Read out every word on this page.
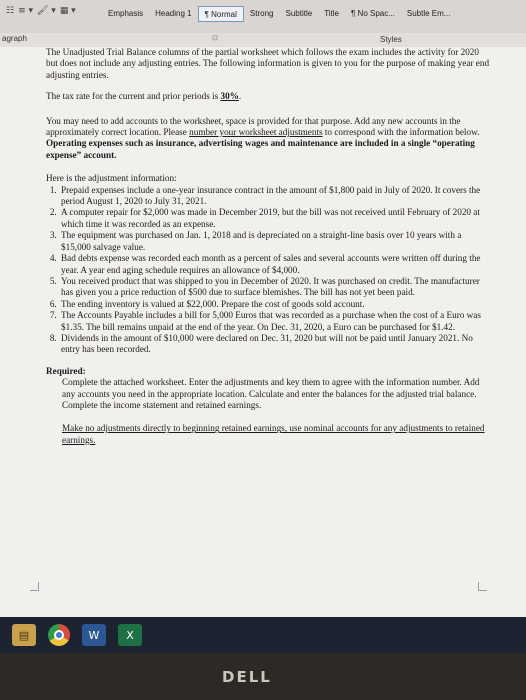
☷ ≡ ▾ 🖌 ▾ ▦ ▾	Emphasis	Heading 1	¶ Normal	Strong	Subtitle	Title	¶ No Spac...	Subtle Em...
agraph	⊡	Styles

The Unadjusted Trial Balance columns of the partial worksheet which follows the exam includes the activity for 2020 but does not include any adjusting entries. The following information is given to you for the purpose of making year end adjusting entries.

The tax rate for the current and prior periods is 30%.

You may need to add accounts to the worksheet, space is provided for that purpose. Add any new accounts in the approximately correct location. Please number your worksheet adjustments to correspond with the information below. Operating expenses such as insurance, advertising wages and maintenance are included in a single “operating expense” account.

Here is the adjustment information:

1. Prepaid expenses include a one-year insurance contract in the amount of $1,800 paid in July of 2020. It covers the period August 1, 2020 to July 31, 2021.
2. A computer repair for $2,000 was made in December 2019, but the bill was not received until February of 2020 at which time it was recorded as an expense.
3. The equipment was purchased on Jan. 1, 2018 and is depreciated on a straight-line basis over 10 years with a $15,000 salvage value.
4. Bad debts expense was recorded each month as a percent of sales and several accounts were written off during the year. A year end aging schedule requires an allowance of $4,000.
5. You received product that was shipped to you in December of 2020. It was purchased on credit. The manufacturer has given you a price reduction of $500 due to surface blemishes. The bill has not yet been paid.
6. The ending inventory is valued at $22,000. Prepare the cost of goods sold account.
7. The Accounts Payable includes a bill for 5,000 Euros that was recorded as a purchase when the cost of a Euro was $1.35. The bill remains unpaid at the end of the year. On Dec. 31, 2020, a Euro can be purchased for $1.42.
8. Dividends in the amount of $10,000 were declared on Dec. 31, 2020 but will not be paid until January 2021. No entry has been recorded.

Required:

Complete the attached worksheet. Enter the adjustments and key them to agree with the information number. Add any accounts you need in the appropriate location. Calculate and enter the balances for the adjusted trial balance. Complete the income statement and retained earnings.

Make no adjustments directly to beginning retained earnings, use nominal accounts for any adjustments to retained earnings.

▤	W	X
DELL
